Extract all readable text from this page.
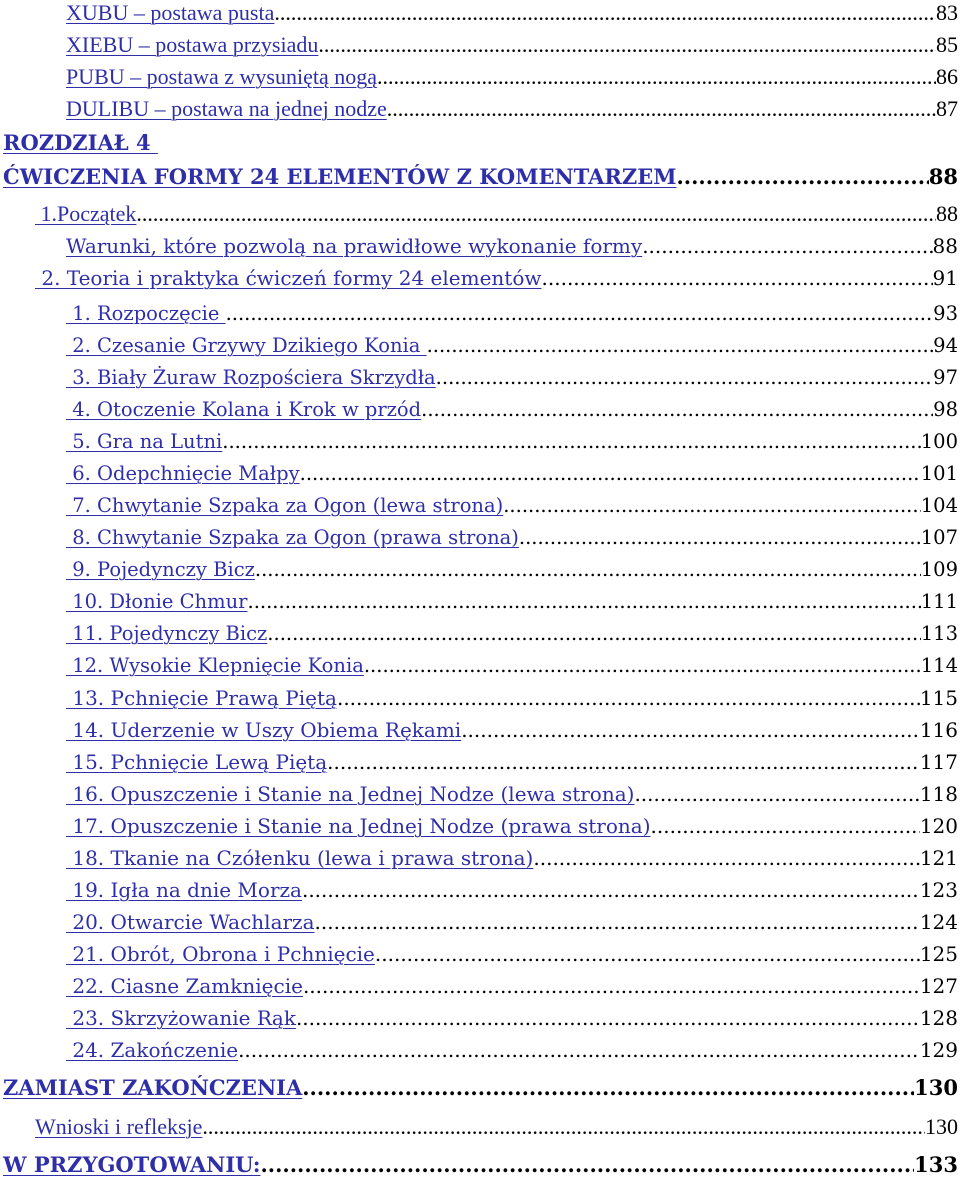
XUBU – postawa pusta .....	83
XIEBU – postawa przysiadu .....	85
PUBU – postawa z wysuniętą nogą .....	86
DULIBU – postawa na jednej nodze .....	87
ROZDZIAŁ 4
ĆWICZENIA FORMY 24 ELEMENTÓW Z KOMENTARZEM .....	88
1.Początek .....	88
Warunki, które pozwolą na prawidłowe wykonanie formy .....	88
2. Teoria i praktyka ćwiczeń formy 24 elementów .....	91
1. Rozpoczęcie .....	93
2. Czesanie Grzywy Dzikiego Konia .....	94
3. Biały Żuraw Rozpościera Skrzydła .....	97
4. Otoczenie Kolana i Krok w przód .....	98
5. Gra na Lutni .....	100
6. Odepchnięcie Małpy .....	101
7. Chwytanie Szpaka za Ogon (lewa strona) .....	104
8. Chwytanie Szpaka za Ogon (prawa strona) .....	107
9. Pojedynczy Bicz .....	109
10. Dłonie Chmur .....	111
11. Pojedynczy Bicz .....	113
12. Wysokie Klepnięcie Konia .....	114
13. Pchnięcie Prawą Piętą .....	115
14. Uderzenie w Uszy Obiema Rękami .....	116
15. Pchnięcie Lewą Piętą .....	117
16. Opuszczenie i Stanie na Jednej Nodze (lewa strona) .....	118
17. Opuszczenie i Stanie na Jednej Nodze (prawa strona) .....	120
18. Tkanie na Czółenku (lewa i prawa strona) .....	121
19. Igła na dnie Morza .....	123
20. Otwarcie Wachlarza .....	124
21. Obrót, Obrona i Pchnięcie .....	125
22. Ciasne Zamknięcie .....	127
23. Skrzyżowanie Rąk .....	128
24. Zakończenie .....	129
ZAMIAST ZAKOŃCZENIA .....	130
Wnioski i refleksje .....	130
W PRZYGOTOWANIU: .....	133
